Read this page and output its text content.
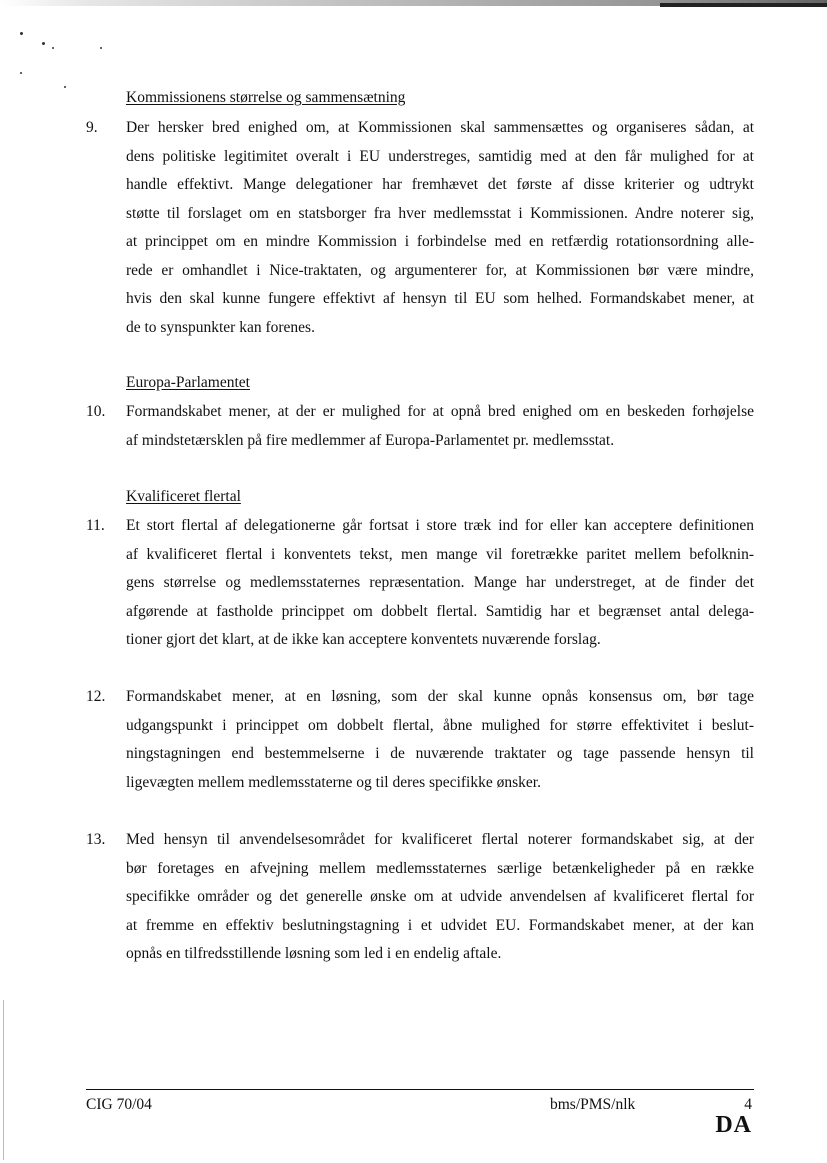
Kommissionens størrelse og sammensætning
9. Der hersker bred enighed om, at Kommissionen skal sammensættes og organiseres sådan, at
dens politiske legitimitet overalt i EU understreges, samtidig med at den får mulighed for at
handle effektivt. Mange delegationer har fremhævet det første af disse kriterier og udtrykt
støtte til forslaget om en statsborger fra hver medlemsstat i Kommissionen. Andre noterer sig,
at princippet om en mindre Kommission i forbindelse med en retfærdig rotationsordning alle-
rede er omhandlet i Nice-traktaten, og argumenterer for, at Kommissionen bør være mindre,
hvis den skal kunne fungere effektivt af hensyn til EU som helhed. Formandskabet mener, at
de to synspunkter kan forenes.
Europa-Parlamentet
10. Formandskabet mener, at der er mulighed for at opnå bred enighed om en beskeden forhøjelse
af mindstetærsklen på fire medlemmer af Europa-Parlamentet pr. medlemsstat.
Kvalificeret flertal
11. Et stort flertal af delegationerne går fortsat i store træk ind for eller kan acceptere definitionen
af kvalificeret flertal i konventets tekst, men mange vil foretrække paritet mellem befolknin-
gens størrelse og medlemsstaternes repræsentation. Mange har understreget, at de finder det
afgørende at fastholde princippet om dobbelt flertal. Samtidig har et begrænset antal delega-
tioner gjort det klart, at de ikke kan acceptere konventets nuværende forslag.
12. Formandskabet mener, at en løsning, som der skal kunne opnås konsensus om, bør tage
udgangspunkt i princippet om dobbelt flertal, åbne mulighed for større effektivitet i beslut-
ningstagningen end bestemmelserne i de nuværende traktater og tage passende hensyn til
ligevægten mellem medlemsstaterne og til deres specifikke ønsker.
13. Med hensyn til anvendelsesområdet for kvalificeret flertal noterer formandskabet sig, at der
bør foretages en afvejning mellem medlemsstaternes særlige betænkeligheder på en række
specifikke områder og det generelle ønske om at udvide anvendelsen af kvalificeret flertal for
at fremme en effektiv beslutningstagning i et udvidet EU. Formandskabet mener, at der kan
opnås en tilfredsstillende løsning som led i en endelig aftale.
CIG 70/04	bms/PMS/nlk	4
DA
